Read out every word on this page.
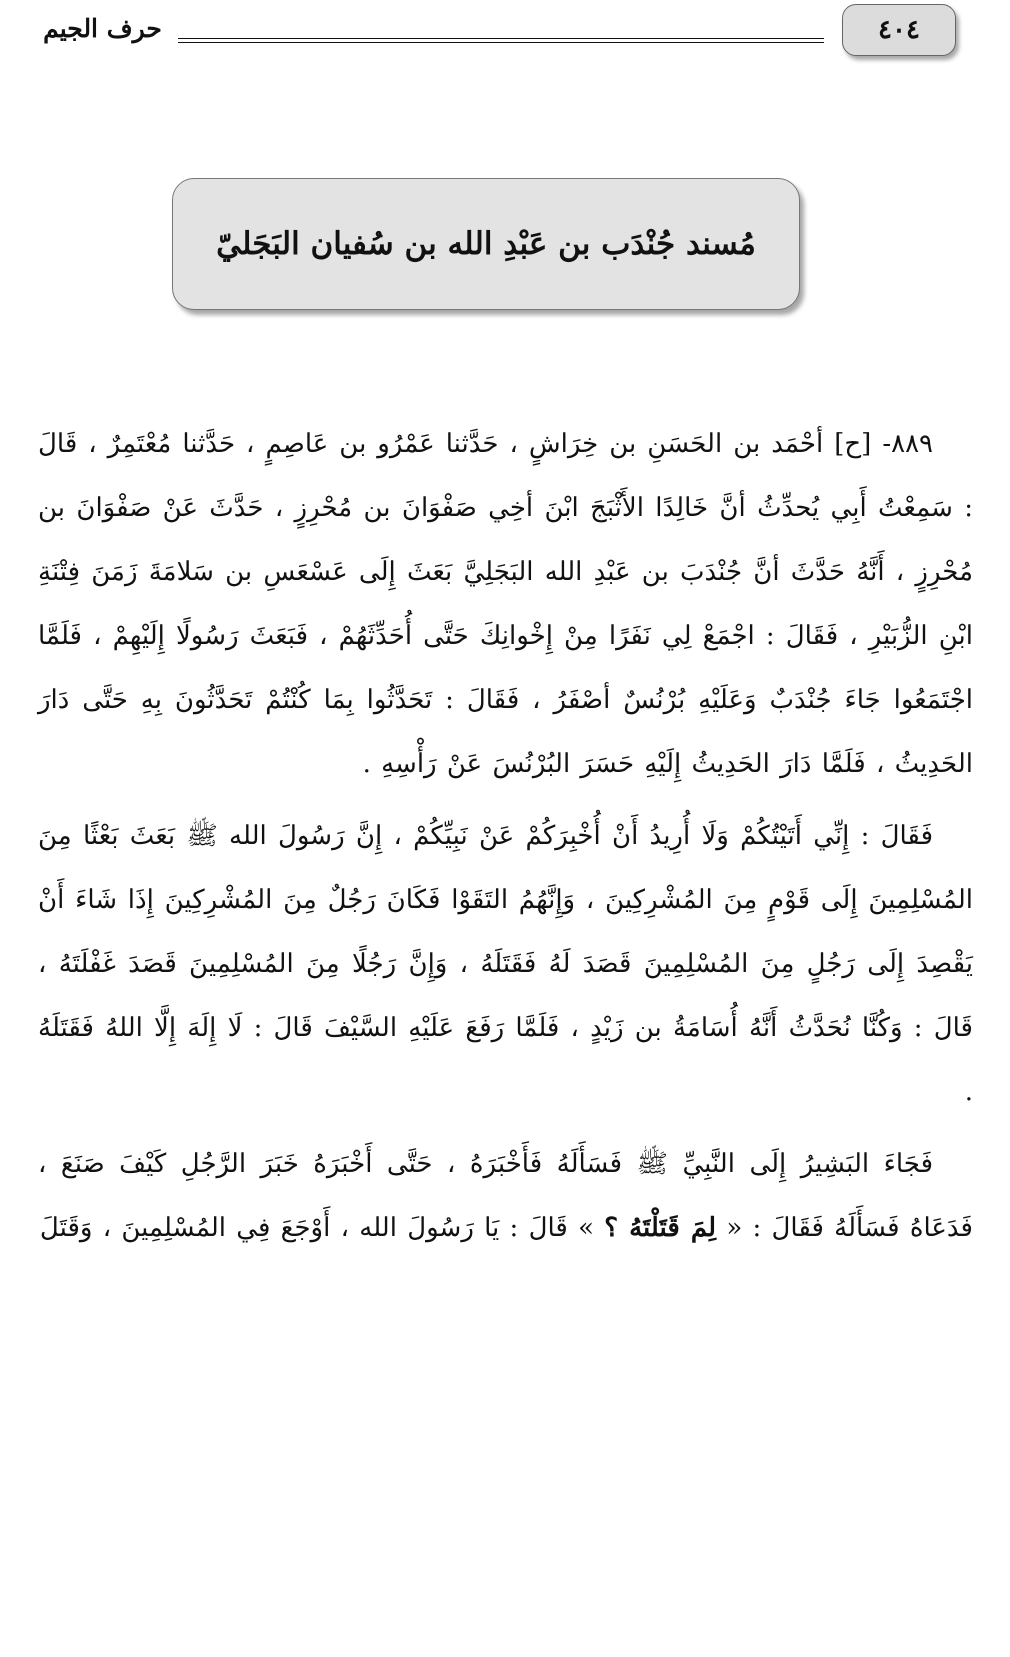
٤٠٤
حرف الجيم
مُسند جُنْدَب بن عَبْدِ الله بن سُفيان البَجَليّ

٨٨٩- [ح] أحْمَد بن الحَسَنِ بن خِرَاشٍ ، حَدَّثنا عَمْرُو بن عَاصِمٍ ، حَدَّثنا مُعْتَمِرٌ ، قَالَ : سَمِعْتُ أَبِي يُحدِّثُ أنَّ خَالِدًا الأَثْبَجَ ابْنَ أخِي صَفْوَانَ بن مُحْرِزٍ ، حَدَّثَ عَنْ صَفْوَانَ بن مُحْرِزٍ ، أَنَّهُ حَدَّثَ أنَّ جُنْدَبَ بن عَبْدِ الله البَجَلِيَّ بَعَثَ إِلَى عَسْعَسِ بن سَلامَةَ زَمَنَ فِتْنَةِ ابْنِ الزُّبَيْرِ ، فَقَالَ : اجْمَعْ لِي نَفَرًا مِنْ إِخْوانِكَ حَتَّى أُحَدِّثَهُمْ ، فَبَعَثَ رَسُولًا إِلَيْهِمْ ، فَلَمَّا اجْتَمَعُوا جَاءَ جُنْدَبٌ وَعَلَيْهِ بُرْنُسٌ أصْفَرُ ، فَقَالَ : تَحَدَّثُوا بِمَا كُنْتُمْ تَحَدَّثُونَ بِهِ حَتَّى دَارَ الحَدِيثُ ، فَلَمَّا دَارَ الحَدِيثُ إِلَيْهِ حَسَرَ البُرْنُسَ عَنْ رَأْسِهِ .

فَقَالَ : إِنِّي أَتَيْتُكُمْ وَلَا أُرِيدُ أَنْ أُخْبِرَكُمْ عَنْ نَبِيِّكُمْ ، إِنَّ رَسُولَ الله ﷺ بَعَثَ بَعْثًا مِنَ المُسْلِمِينَ إِلَى قَوْمٍ مِنَ المُشْرِكِينَ ، وَإِنَّهُمُ التَقَوْا فَكَانَ رَجُلٌ مِنَ المُشْرِكِينَ إِذَا شَاءَ أَنْ يَقْصِدَ إِلَى رَجُلٍ مِنَ المُسْلِمِينَ قَصَدَ لَهُ فَقَتَلَهُ ، وَإِنَّ رَجُلًا مِنَ المُسْلِمِينَ قَصَدَ غَفْلَتَهُ ، قَالَ : وَكُنَّا نُحَدَّثُ أَنَّهُ أُسَامَةُ بن زَيْدٍ ، فَلَمَّا رَفَعَ عَلَيْهِ السَّيْفَ قَالَ : لَا إِلَهَ إِلَّا اللهُ فَقَتَلَهُ .

فَجَاءَ البَشِيرُ إِلَى النَّبِيِّ ﷺ فَسَأَلَهُ فَأَخْبَرَهُ ، حَتَّى أَخْبَرَهُ خَبَرَ الرَّجُلِ كَيْفَ صَنَعَ ، فَدَعَاهُ فَسَأَلَهُ فَقَالَ : « لِمَ قَتَلْتَهُ ؟ » قَالَ : يَا رَسُولَ الله ، أَوْجَعَ فِي المُسْلِمِينَ ، وَقَتَلَ
